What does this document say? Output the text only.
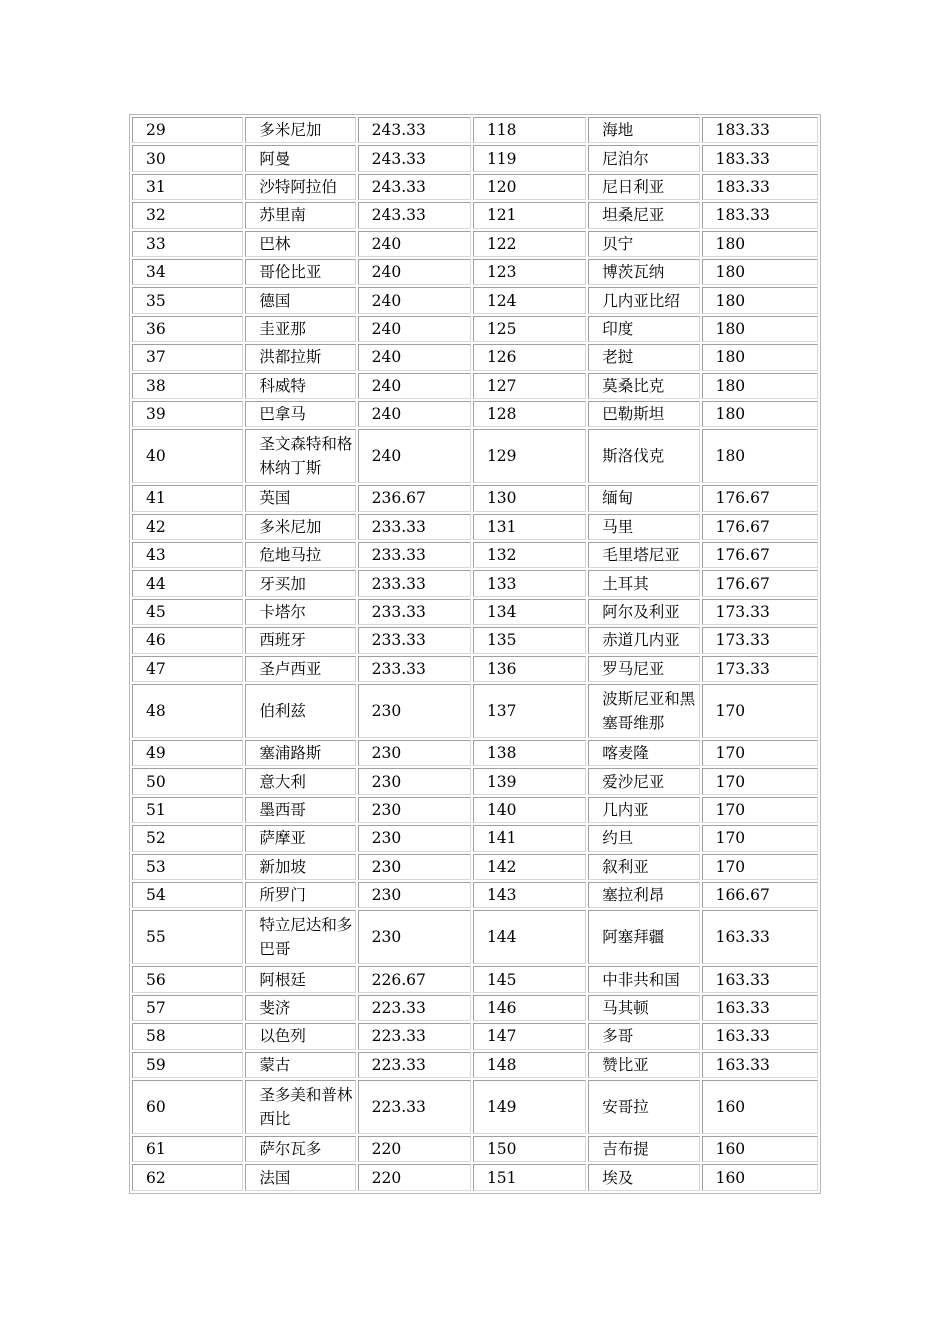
29	多米尼加	243.33	118	海地	183.33
30	阿曼	243.33	119	尼泊尔	183.33
31	沙特阿拉伯	243.33	120	尼日利亚	183.33
32	苏里南	243.33	121	坦桑尼亚	183.33
33	巴林	240	122	贝宁	180
34	哥伦比亚	240	123	博茨瓦纳	180
35	德国	240	124	几内亚比绍	180
36	圭亚那	240	125	印度	180
37	洪都拉斯	240	126	老挝	180
38	科威特	240	127	莫桑比克	180
39	巴拿马	240	128	巴勒斯坦	180
40	圣文森特和格林纳丁斯	240	129	斯洛伐克	180
41	英国	236.67	130	缅甸	176.67
42	多米尼加	233.33	131	马里	176.67
43	危地马拉	233.33	132	毛里塔尼亚	176.67
44	牙买加	233.33	133	土耳其	176.67
45	卡塔尔	233.33	134	阿尔及利亚	173.33
46	西班牙	233.33	135	赤道几内亚	173.33
47	圣卢西亚	233.33	136	罗马尼亚	173.33
48	伯利兹	230	137	波斯尼亚和黑塞哥维那	170
49	塞浦路斯	230	138	喀麦隆	170
50	意大利	230	139	爱沙尼亚	170
51	墨西哥	230	140	几内亚	170
52	萨摩亚	230	141	约旦	170
53	新加坡	230	142	叙利亚	170
54	所罗门	230	143	塞拉利昂	166.67
55	特立尼达和多巴哥	230	144	阿塞拜疆	163.33
56	阿根廷	226.67	145	中非共和国	163.33
57	斐济	223.33	146	马其顿	163.33
58	以色列	223.33	147	多哥	163.33
59	蒙古	223.33	148	赞比亚	163.33
60	圣多美和普林西比	223.33	149	安哥拉	160
61	萨尔瓦多	220	150	吉布提	160
62	法国	220	151	埃及	160
